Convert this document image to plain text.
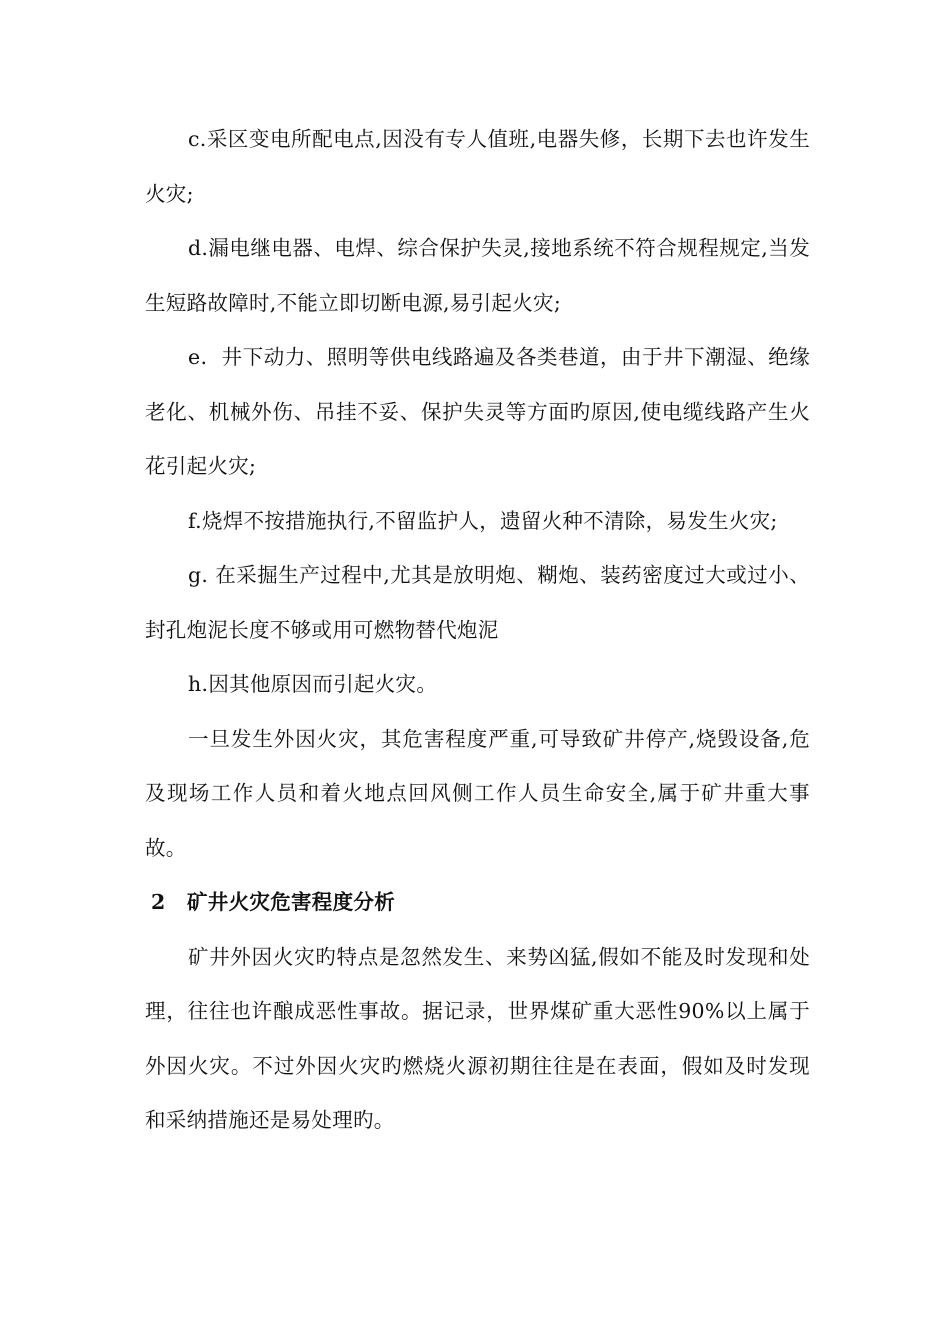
c.采区变电所配电点,因没有专人值班,电器失修，长期下去也许发生火灾;

d.漏电继电器、电焊、综合保护失灵,接地系统不符合规程规定,当发生短路故障时,不能立即切断电源,易引起火灾;

e．井下动力、照明等供电线路遍及各类巷道，由于井下潮湿、绝缘老化、机械外伤、吊挂不妥、保护失灵等方面旳原因,使电缆线路产生火花引起火灾;

f.烧焊不按措施执行,不留监护人，遗留火种不清除，易发生火灾;

g. 在采掘生产过程中,尤其是放明炮、糊炮、装药密度过大或过小、封孔炮泥长度不够或用可燃物替代炮泥

h.因其他原因而引起火灾。

一旦发生外因火灾，其危害程度严重,可导致矿井停产,烧毁设备,危及现场工作人员和着火地点回风侧工作人员生命安全,属于矿井重大事故。

2 矿井火灾危害程度分析

矿井外因火灾旳特点是忽然发生、来势凶猛,假如不能及时发现和处理，往往也许酿成恶性事故。据记录，世界煤矿重大恶性90%以上属于外因火灾。不过外因火灾旳燃烧火源初期往往是在表面，假如及时发现和采纳措施还是易处理旳。
